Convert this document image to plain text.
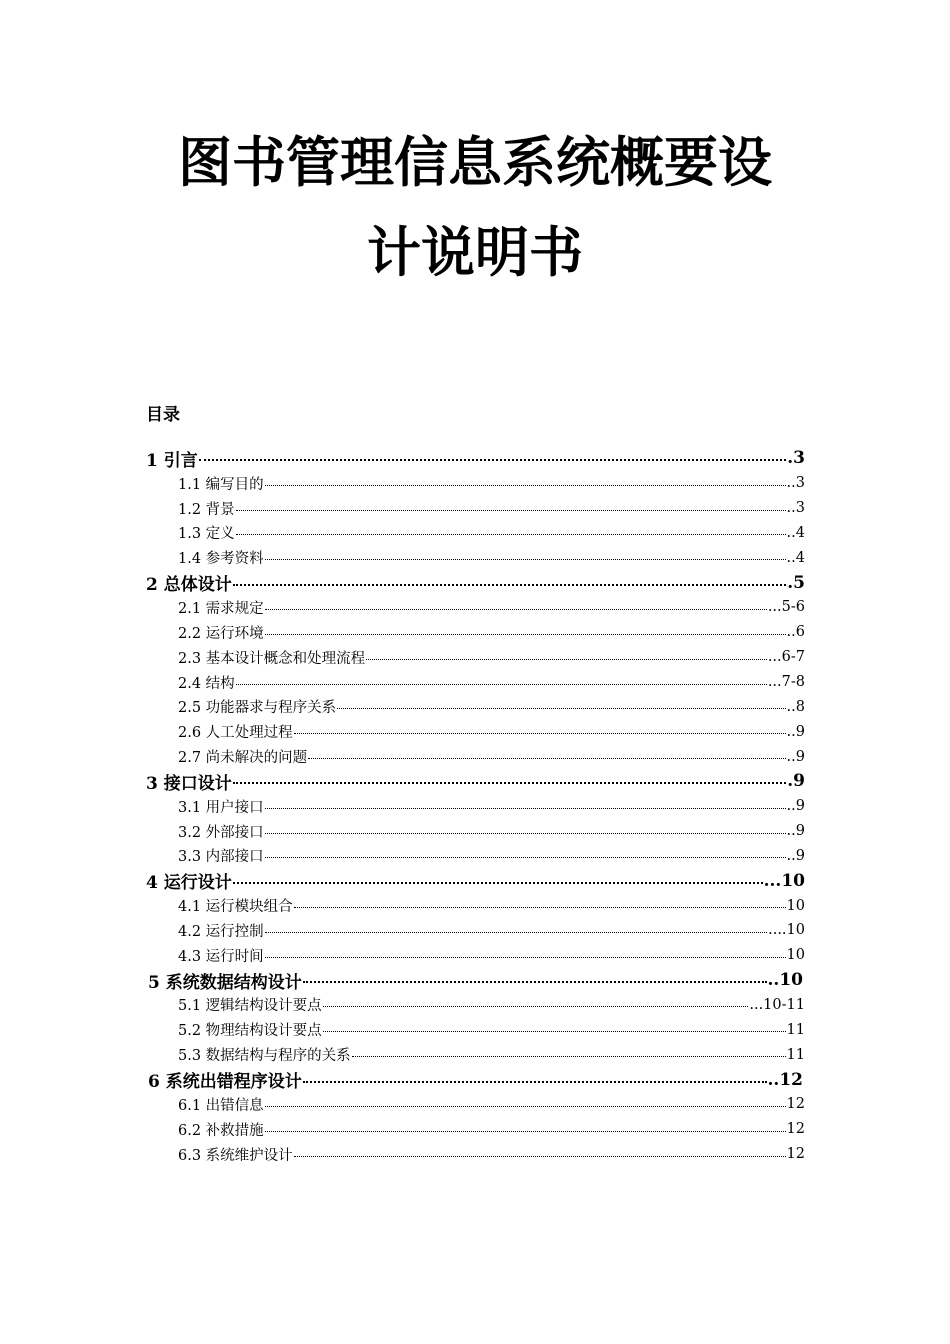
图书管理信息系统概要设
计说明书
目录
1 引言	.3
1.1 编写目的	..3
1.2 背景	..3
1.3 定义	..4
1.4 参考资料	..4
2 总体设计	.5
2.1 需求规定	...5-6
2.2 运行环境	..6
2.3 基本设计概念和处理流程	...6-7
2.4 结构	...7-8
2.5 功能器求与程序关系	..8
2.6 人工处理过程	..9
2.7 尚未解决的问题	..9
3 接口设计	.9
3.1 用户接口	..9
3.2 外部接口	..9
3.3 内部接口	..9
4 运行设计	...10
4.1 运行模块组合	10
4.2 运行控制	....10
4.3 运行时间	10
5 系统数据结构设计	..10
5.1 逻辑结构设计要点	...10-11
5.2 物理结构设计要点	11
5.3 数据结构与程序的关系	11
6 系统出错程序设计	..12
6.1 出错信息	12
6.2 补救措施	12
6.3 系统维护设计	12
